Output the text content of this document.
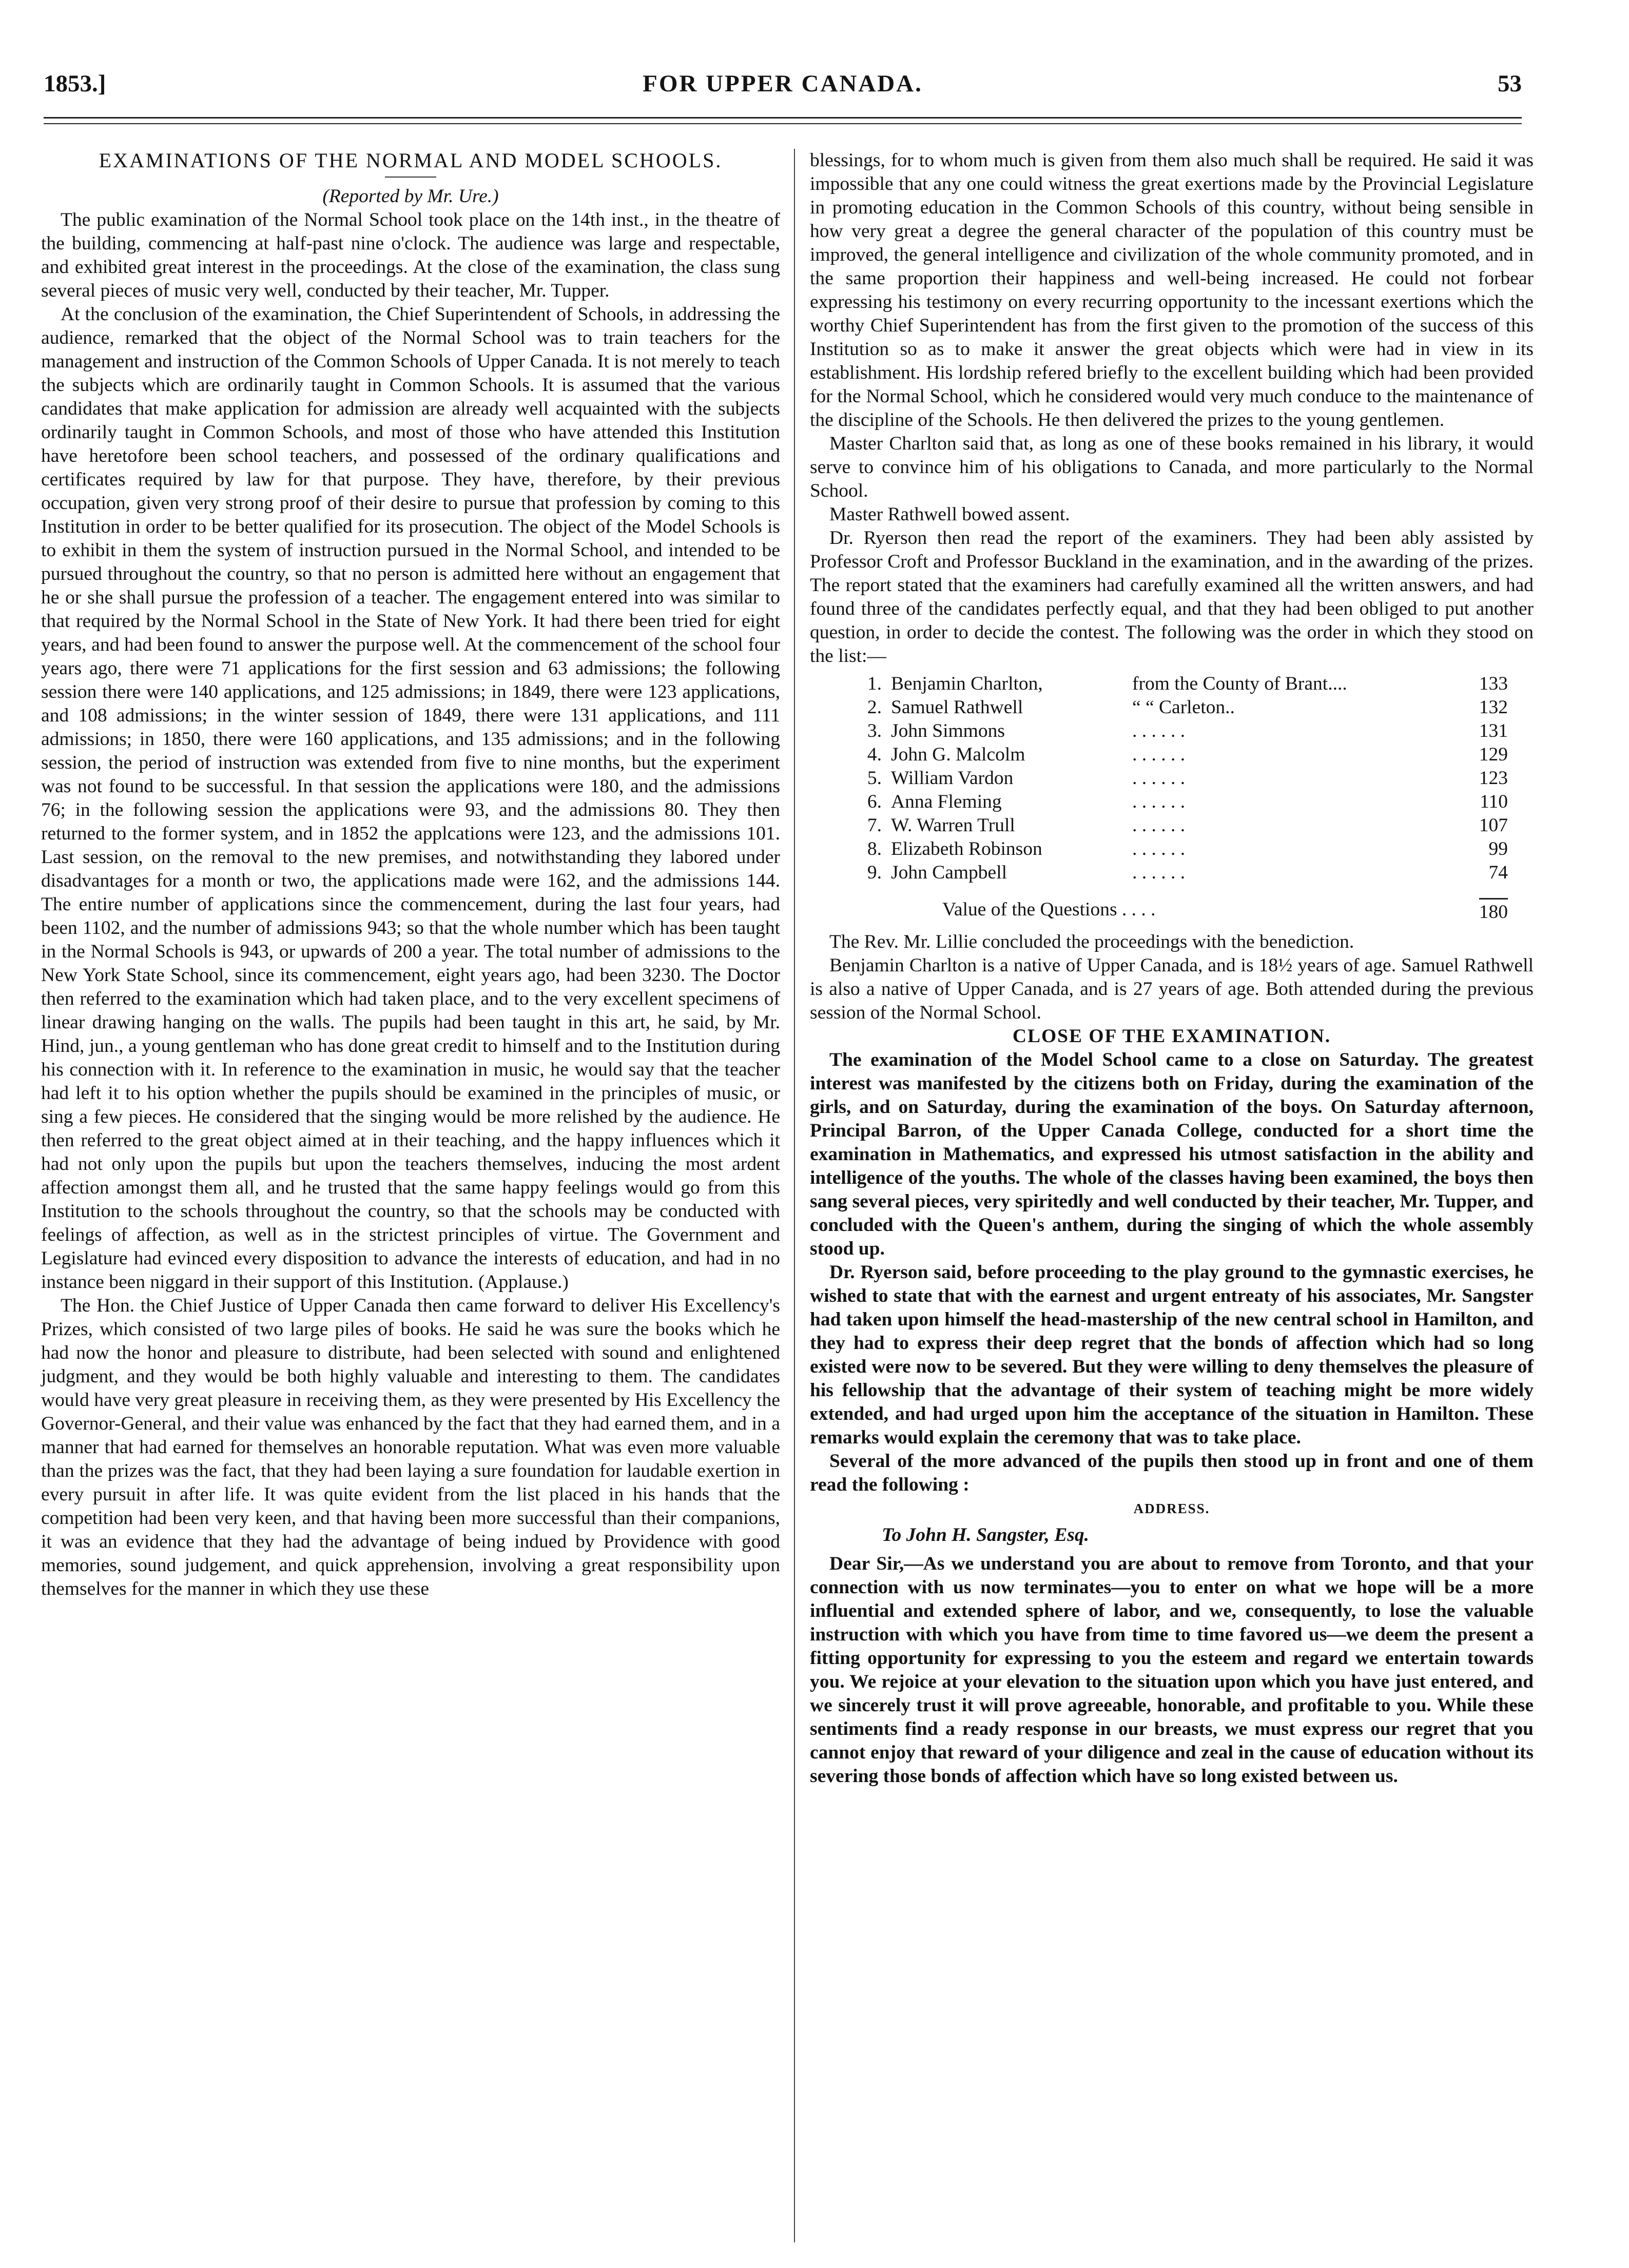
1853.]	FOR UPPER CANADA.	53

EXAMINATIONS OF THE NORMAL AND MODEL SCHOOLS.

(Reported by Mr. Ure.)

The public examination of the Normal School took place on the 14th inst., in the theatre of the building, commencing at half-past nine o'clock. The audience was large and respectable, and exhibited great interest in the proceedings. At the close of the examination, the class sung several pieces of music very well, conducted by their teacher, Mr. Tupper.

At the conclusion of the examination, the Chief Superintendent of Schools, in addressing the audience, remarked that the object of the Normal School was to train teachers for the management and instruction of the Common Schools of Upper Canada. It is not merely to teach the subjects which are ordinarily taught in Common Schools. It is assumed that the various candidates that make application for admission are already well acquainted with the subjects ordinarily taught in Common Schools, and most of those who have attended this Institution have heretofore been school teachers, and possessed of the ordinary qualifications and certificates required by law for that purpose. They have, therefore, by their previous occupation, given very strong proof of their desire to pursue that profession by coming to this Institution in order to be better qualified for its prosecution. The object of the Model Schools is to exhibit in them the system of instruction pursued in the Normal School, and intended to be pursued throughout the country, so that no person is admitted here without an engagement that he or she shall pursue the profession of a teacher. The engagement entered into was similar to that required by the Normal School in the State of New York. It had there been tried for eight years, and had been found to answer the purpose well. At the commencement of the school four years ago, there were 71 applications for the first session and 63 admissions; the following session there were 140 applications, and 125 admissions; in 1849, there were 123 applications, and 108 admissions; in the winter session of 1849, there were 131 applications, and 111 admissions; in 1850, there were 160 applications, and 135 admissions; and in the following session, the period of instruction was extended from five to nine months, but the experiment was not found to be successful. In that session the applications were 180, and the admissions 76; in the following session the applications were 93, and the admissions 80. They then returned to the former system, and in 1852 the applcations were 123, and the admissions 101. Last session, on the removal to the new premises, and notwithstanding they labored under disadvantages for a month or two, the applications made were 162, and the admissions 144. The entire number of applications since the commencement, during the last four years, had been 1102, and the number of admissions 943; so that the whole number which has been taught in the Normal Schools is 943, or upwards of 200 a year. The total number of admissions to the New York State School, since its commencement, eight years ago, had been 3230. The Doctor then referred to the examination which had taken place, and to the very excellent specimens of linear drawing hanging on the walls. The pupils had been taught in this art, he said, by Mr. Hind, jun., a young gentleman who has done great credit to himself and to the Institution during his connection with it. In reference to the examination in music, he would say that the teacher had left it to his option whether the pupils should be examined in the principles of music, or sing a few pieces. He considered that the singing would be more relished by the audience. He then referred to the great object aimed at in their teaching, and the happy influences which it had not only upon the pupils but upon the teachers themselves, inducing the most ardent affection amongst them all, and he trusted that the same happy feelings would go from this Institution to the schools throughout the country, so that the schools may be conducted with feelings of affection, as well as in the strictest principles of virtue. The Government and Legislature had evinced every disposition to advance the interests of education, and had in no instance been niggard in their support of this Institution. (Applause.)

The Hon. the Chief Justice of Upper Canada then came forward to deliver His Excellency's Prizes, which consisted of two large piles of books. He said he was sure the books which he had now the honor and pleasure to distribute, had been selected with sound and enlightened judgment, and they would be both highly valuable and interesting to them. The candidates would have very great pleasure in receiving them, as they were presented by His Excellency the Governor-General, and their value was enhanced by the fact that they had earned them, and in a manner that had earned for themselves an honorable reputation. What was even more valuable than the prizes was the fact, that they had been laying a sure foundation for laudable exertion in every pursuit in after life. It was quite evident from the list placed in his hands that the competition had been very keen, and that having been more successful than their companions, it was an evidence that they had the advantage of being indued by Providence with good memories, sound judgement, and quick apprehension, involving a great responsibility upon themselves for the manner in which they use these

blessings, for to whom much is given from them also much shall be required. He said it was impossible that any one could witness the great exertions made by the Provincial Legislature in promoting education in the Common Schools of this country, without being sensible in how very great a degree the general character of the population of this country must be improved, the general intelligence and civilization of the whole community promoted, and in the same proportion their happiness and well-being increased. He could not forbear expressing his testimony on every recurring opportunity to the incessant exertions which the worthy Chief Superintendent has from the first given to the promotion of the success of this Institution so as to make it answer the great objects which were had in view in its establishment. His lordship refered briefly to the excellent building which had been provided for the Normal School, which he considered would very much conduce to the maintenance of the discipline of the Schools. He then delivered the prizes to the young gentlemen.

Master Charlton said that, as long as one of these books remained in his library, it would serve to convince him of his obligations to Canada, and more particularly to the Normal School.

Master Rathwell bowed assent.

Dr. Ryerson then read the report of the examiners. They had been ably assisted by Professor Croft and Professor Buckland in the examination, and in the awarding of the prizes. The report stated that the examiners had carefully examined all the written answers, and had found three of the candidates perfectly equal, and that they had been obliged to put another question, in order to decide the contest. The following was the order in which they stood on the list:—

1.	Benjamin Charlton,	from the County of Brant....	133
2.	Samuel Rathwell	“ “ Carleton..	132
3.	John Simmons	. . . . . .	131
4.	John G. Malcolm	. . . . . .	129
5.	William Vardon	. . . . . .	123
6.	Anna Fleming	. . . . . .	110
7.	W. Warren Trull	. . . . . .	107
8.	Elizabeth Robinson	. . . . . .	99
9.	John Campbell	. . . . . .	74
	Value of the Questions . . . .		180

The Rev. Mr. Lillie concluded the proceedings with the benediction.

Benjamin Charlton is a native of Upper Canada, and is 18½ years of age. Samuel Rathwell is also a native of Upper Canada, and is 27 years of age. Both attended during the previous session of the Normal School.

CLOSE OF THE EXAMINATION.

The examination of the Model School came to a close on Saturday. The greatest interest was manifested by the citizens both on Friday, during the examination of the girls, and on Saturday, during the examination of the boys. On Saturday afternoon, Principal Barron, of the Upper Canada College, conducted for a short time the examination in Mathematics, and expressed his utmost satisfaction in the ability and intelligence of the youths. The whole of the classes having been examined, the boys then sang several pieces, very spiritedly and well conducted by their teacher, Mr. Tupper, and concluded with the Queen's anthem, during the singing of which the whole assembly stood up.

Dr. Ryerson said, before proceeding to the play ground to the gymnastic exercises, he wished to state that with the earnest and urgent entreaty of his associates, Mr. Sangster had taken upon himself the head-mastership of the new central school in Hamilton, and they had to express their deep regret that the bonds of affection which had so long existed were now to be severed. But they were willing to deny themselves the pleasure of his fellowship that the advantage of their system of teaching might be more widely extended, and had urged upon him the acceptance of the situation in Hamilton. These remarks would explain the ceremony that was to take place.

Several of the more advanced of the pupils then stood up in front and one of them read the following :

ADDRESS.

To John H. Sangster, Esq.

Dear Sir,—As we understand you are about to remove from Toronto, and that your connection with us now terminates—you to enter on what we hope will be a more influential and extended sphere of labor, and we, consequently, to lose the valuable instruction with which you have from time to time favored us—we deem the present a fitting opportunity for expressing to you the esteem and regard we entertain towards you. We rejoice at your elevation to the situation upon which you have just entered, and we sincerely trust it will prove agreeable, honorable, and profitable to you. While these sentiments find a ready response in our breasts, we must express our regret that you cannot enjoy that reward of your diligence and zeal in the cause of education without its severing those bonds of affection which have so long existed between us.
